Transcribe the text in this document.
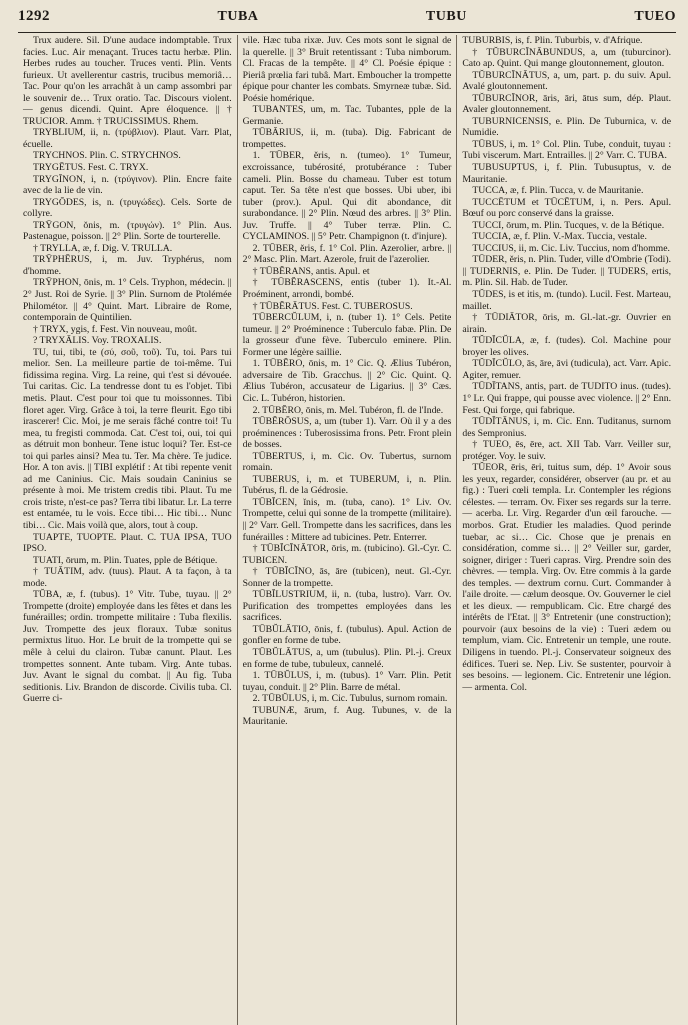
1292	TUBA	TUBU	TUEO

Trux audere. Sil. D'une audace indomptable. Trux facies. Luc. Air menaçant. Truces tactu herbæ. Plin. Herbes rudes au toucher. Truces venti. Plin. Vents furieux. Ut avellerentur castris, trucibus memoriâ… Tac. Pour qu'on les arrachât à un camp assombri par le souvenir de… Trux oratio. Tac. Discours violent. — genus dicendi. Quint. Apre éloquence. || † TRUCIOR. Amm. † TRUCISSIMUS. Rhem.

TRYBLIUM, ii, n. (τρύβλιον). Plaut. Varr. Plat, écuelle.

TRYCHNOS. Plin. C. STRYCHNOS.

TRYGĒTUS. Fest. C. TRYX.

TRYGĪNON, i, n. (τρύγινον). Plin. Encre faite avec de la lie de vin.

TRYGŌDES, is, n. (τρυγώδες). Cels. Sorte de collyre.

TRȲGON, ŏnis, m. (τρυγών). 1° Plin. Aus. Pastenague, poisson. || 2° Plin. Sorte de tourterelle.

† TRYLLA, æ, f. Dig. V. TRULLA.

TRȲPHĒRUS, i, m. Juv. Tryphérus, nom d'homme.

TRȲPHON, ōnis, m. 1° Cels. Tryphon, médecin. || 2° Just. Roi de Syrie. || 3° Plin. Surnom de Ptolémée Philométor. || 4° Quint. Mart. Libraire de Rome, contemporain de Quintilien.

† TRYX, ygis, f. Fest. Vin nouveau, moût.

? TRYXĀLIS. Voy. TROXALIS.

TU, tui, tibi, te (σύ, σοῦ, τοῦ). Tu, toi. Pars tui melior. Sen. La meilleure partie de toi-même. Tui fidissima regina. Virg. La reine, qui t'est si dévouée. Tui caritas. Cic. La tendresse dont tu es l'objet. Tibi metis. Plaut. C'est pour toi que tu moissonnes. Tibi floret ager. Virg. Grâce à toi, la terre fleurit. Ego tibi irascerer! Cic. Moi, je me serais fâché contre toi! Tu mea, tu fregisti commoda. Cat. C'est toi, oui, toi qui as détruit mon bonheur. Tene istuc loqui? Ter. Est-ce toi qui parles ainsi? Mea tu. Ter. Ma chère. Te judice. Hor. A ton avis. || TIBI explétif : At tibi repente venit ad me Caninius. Cic. Mais soudain Caninius se présente à moi. Me tristem credis tibi. Plaut. Tu me crois triste, n'est-ce pas? Terra tibi libatur. Lr. La terre est entamée, tu le vois. Ecce tibi… Hic tibi… Nunc tibi… Cic. Mais voilà que, alors, tout à coup.

TUAPTE, TUOPTE. Plaut. C. TUA IPSA, TUO IPSO.

TUATI, ōrum, m. Plin. Tuates, pple de Bétique.

† TUĀTIM, adv. (tuus). Plaut. A ta façon, à ta mode.

TŬBA, æ, f. (tubus). 1° Vitr. Tube, tuyau. || 2° Trompette (droite) employée dans les fêtes et dans les funérailles; ordin. trompette militaire : Tuba flexilis. Juv. Trompette des jeux floraux. Tubæ sonitus permixtus lituo. Hor. Le bruit de la trompette qui se mêle à celui du clairon. Tubæ canunt. Plaut. Les trompettes sonnent. Ante tubam. Virg. Ante tubas. Juv. Avant le signal du combat. || Au fig. Tuba seditionis. Liv. Brandon de discorde. Civilis tuba. Cl. Guerre ci-

vile. Hæc tuba rixæ. Juv. Ces mots sont le signal de la querelle. || 3° Bruit retentissant : Tuba nimborum. Cl. Fracas de la tempête. || 4° Cl. Poésie épique : Pieriâ prœlia fari tubâ. Mart. Emboucher la trompette épique pour chanter les combats. Smyrneæ tubæ. Sid. Poésie homérique.

TUBANTES, um, m. Tac. Tubantes, pple de la Germanie.

TŪBĀRIUS, ii, m. (tuba). Dig. Fabricant de trompettes.

1. TŪBER, ĕris, n. (tumeo). 1° Tumeur, excroissance, tubérosité, protubérance : Tuber cameli. Plin. Bosse du chameau. Tuber est totum caput. Ter. Sa tête n'est que bosses. Ubi uber, ibi tuber (prov.). Apul. Qui dit abondance, dit surabondance. || 2° Plin. Nœud des arbres. || 3° Plin. Juv. Truffe. || 4° Tuber terræ. Plin. C. CYCLAMINOS. || 5° Petr. Champignon (t. d'injure).

2. TŪBER, ĕris, f. 1° Col. Plin. Azerolier, arbre. || 2° Masc. Plin. Mart. Azerole, fruit de l'azerolier.

† TŪBĔRANS, antis. Apul. et

† TŪBĔRASCENS, entis (tuber 1). It.-Al. Proéminent, arrondi, bombé.

† TŪBĔRĀTUS. Fest. C. TUBEROSUS.

TŪBERCŬLUM, i, n. (tuber 1). 1° Cels. Petite tumeur. || 2° Proéminence : Tuberculo fabæ. Plin. De la grosseur d'une fève. Tuberculo eminere. Plin. Former une légère saillie.

1. TŪBĔRO, ōnis, m. 1° Cic. Q. Ælius Tubéron, adversaire de Tib. Gracchus. || 2° Cic. Quint. Q. Ælius Tubéron, accusateur de Ligarius. || 3° Cæs. Cic. L. Tubéron, historien.

2. TŪBĔRO, ōnis, m. Mel. Tubéron, fl. de l'Inde.

TŪBĔRŌSUS, a, um (tuber 1). Varr. Où il y a des proéminences : Tuberosissima frons. Petr. Front plein de bosses.

TŪBERTUS, i, m. Cic. Ov. Tubertus, surnom romain.

TUBERUS, i, m. et TUBERUM, i, n. Plin. Tubérus, fl. de la Gédrosie.

TŪBĬCEN, ĭnis, m. (tuba, cano). 1° Liv. Ov. Trompette, celui qui sonne de la trompette (militaire). || 2° Varr. Gell. Trompette dans les sacrifices, dans les funérailles : Mittere ad tubicines. Petr. Enterrer.

† TŪBĬCĬNĀTOR, ōris, m. (tubicino). Gl.-Cyr. C. TUBICEN.

† TŪBĬCĬNO, ās, āre (tubicen), neut. Gl.-Cyr. Sonner de la trompette.

TŪBĬLUSTRIUM, ii, n. (tuba, lustro). Varr. Ov. Purification des trompettes employées dans les sacrifices.

TŪBŬLĀTIO, ōnis, f. (tubulus). Apul. Action de gonfler en forme de tube.

TŪBŬLĀTUS, a, um (tubulus). Plin. Pl.-j. Creux en forme de tube, tubuleux, cannelé.

1. TŪBŬLUS, i, m. (tubus). 1° Varr. Plin. Petit tuyau, conduit. || 2° Plin. Barre de métal.

2. TŪBŬLUS, i, m. Cic. Tubulus, surnom romain.

TUBUNÆ, ārum, f. Aug. Tubunes, v. de la Mauritanie.

TUBURBIS, is, f. Plin. Tuburbis, v. d'Afrique.

† TŬBURCĬNĀBUNDUS, a, um (tuburcinor). Cato ap. Quint. Qui mange gloutonnement, glouton.

TŬBURCĬNĀTUS, a, um, part. p. du suiv. Apul. Avalé gloutonnement.

TŬBURCĬNOR, āris, āri, ātus sum, dép. Plaut. Avaler gloutonnement.

TUBURNICENSIS, e. Plin. De Tuburnica, v. de Numidie.

TŪBUS, i, m. 1° Col. Plin. Tube, conduit, tuyau : Tubi viscerum. Mart. Entrailles. || 2° Varr. C. TUBA.

TUBUSUPTUS, i, f. Plin. Tubusuptus, v. de Mauritanie.

TUCCA, æ, f. Plin. Tucca, v. de Mauritanie.

TUCCĒTUM et TŪCĒTUM, i, n. Pers. Apul. Bœuf ou porc conservé dans la graisse.

TUCCI, ōrum, m. Plin. Tucques, v. de la Bétique.

TUCCIA, æ, f. Plin. V.-Max. Tuccia, vestale.

TUCCIUS, ii, m. Cic. Liv. Tuccius, nom d'homme.

TŪDER, ĕris, n. Plin. Tuder, ville d'Ombrie (Todi). || TUDERNIS, e. Plin. De Tuder. || TUDERS, ertis, m. Plin. Sil. Hab. de Tuder.

TŬDES, is et itis, m. (tundo). Lucil. Fest. Marteau, maillet.

† TŪDIĀTOR, ōris, m. Gl.-lat.-gr. Ouvrier en airain.

TŬDĬCŬLA, æ, f. (tudes). Col. Machine pour broyer les olives.

TŬDĬCŬLO, ās, āre, āvi (tudicula), act. Varr. Apic. Agiter, remuer.

TŪDĪTANS, antis, part. de TUDITO inus. (tudes). 1° Lr. Qui frappe, qui pousse avec violence. || 2° Enn. Fest. Qui forge, qui fabrique.

TŪDĬTĀNUS, i, m. Cic. Enn. Tuditanus, surnom des Sempronius.

† TUEO, ēs, ēre, act. XII Tab. Varr. Veiller sur, protéger. Voy. le suiv.

TŬEOR, ēris, ēri, tuitus sum, dép. 1° Avoir sous les yeux, regarder, considérer, observer (au pr. et au fig.) : Tueri cœli templa. Lr. Contempler les régions célestes. — terram. Ov. Fixer ses regards sur la terre. — acerba. Lr. Virg. Regarder d'un œil farouche. — morbos. Grat. Etudier les maladies. Quod perinde tuebar, ac si… Cic. Chose que je prenais en considération, comme si… || 2° Veiller sur, garder, soigner, diriger : Tueri capras. Virg. Prendre soin des chèvres. — templa. Virg. Ov. Etre commis à la garde des temples. — dextrum cornu. Curt. Commander à l'aile droite. — cælum deosque. Ov. Gouverner le ciel et les dieux. — rempublicam. Cic. Etre chargé des intérêts de l'Etat. || 3° Entretenir (une construction); pourvoir (aux besoins de la vie) : Tueri ædem ou templum, viam. Cic. Entretenir un temple, une route. Diligens in tuendo. Pl.-j. Conservateur soigneux des édifices. Tueri se. Nep. Liv. Se sustenter, pourvoir à ses besoins. — legionem. Cic. Entretenir une légion. — armenta. Col.
